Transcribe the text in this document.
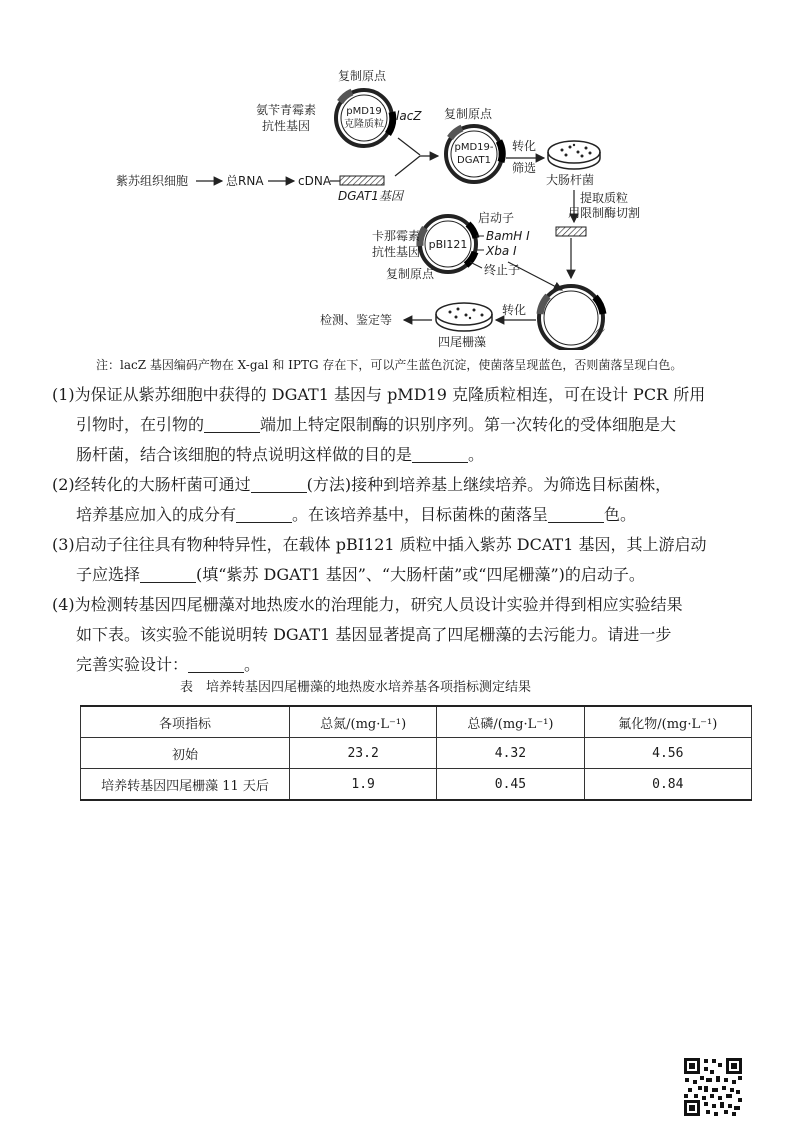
复制原点
pMD19
克隆质粒
氨苄青霉素
抗性基因
lacZ 复制原点
pMD19-
DGAT1
转化
筛选
大肠杆菌
紫苏组织细胞	总RNA	cDNA
DGAT1基因	提取质粒
用限制酶切割
启动子
pBI121
卡那霉素
抗性基因
BamH I
Xba I
终止子
复制原点
转化
四尾栅藻
检测、鉴定等
注：lacZ 基因编码产物在 X-gal 和 IPTG 存在下，可以产生蓝色沉淀，使菌落呈现蓝色，否则菌落呈现白色。

(1)为保证从紫苏细胞中获得的 DGAT1 基因与 pMD19 克隆质粒相连，可在设计 PCR 所用

引物时，在引物的	端加上特定限制酶的识别序列。第一次转化的受体细胞是大

肠杆菌，结合该细胞的特点说明这样做的目的是	。

(2)经转化的大肠杆菌可通过	(方法)接种到培养基上继续培养。为筛选目标菌株，

培养基应加入的成分有	。在该培养基中，目标菌株的菌落呈	色。

(3)启动子往往具有物种特异性，在载体 pBI121 质粒中插入紫苏 DCAT1 基因，其上游启动

子应选择	(填“紫苏 DGAT1 基因”、“大肠杆菌”或“四尾栅藻”)的启动子。

(4)为检测转基因四尾栅藻对地热废水的治理能力，研究人员设计实验并得到相应实验结果

如下表。该实验不能说明转 DGAT1 基因显著提高了四尾栅藻的去污能力。请进一步

完善实验设计：	。

表　培养转基因四尾栅藻的地热废水培养基各项指标测定结果
各项指标	总氮/(mg·L⁻¹)	总磷/(mg·L⁻¹)	氟化物/(mg·L⁻¹)
初始	23.2	4.32	4.56
培养转基因四尾栅藻 11 天后	1.9	0.45	0.84
